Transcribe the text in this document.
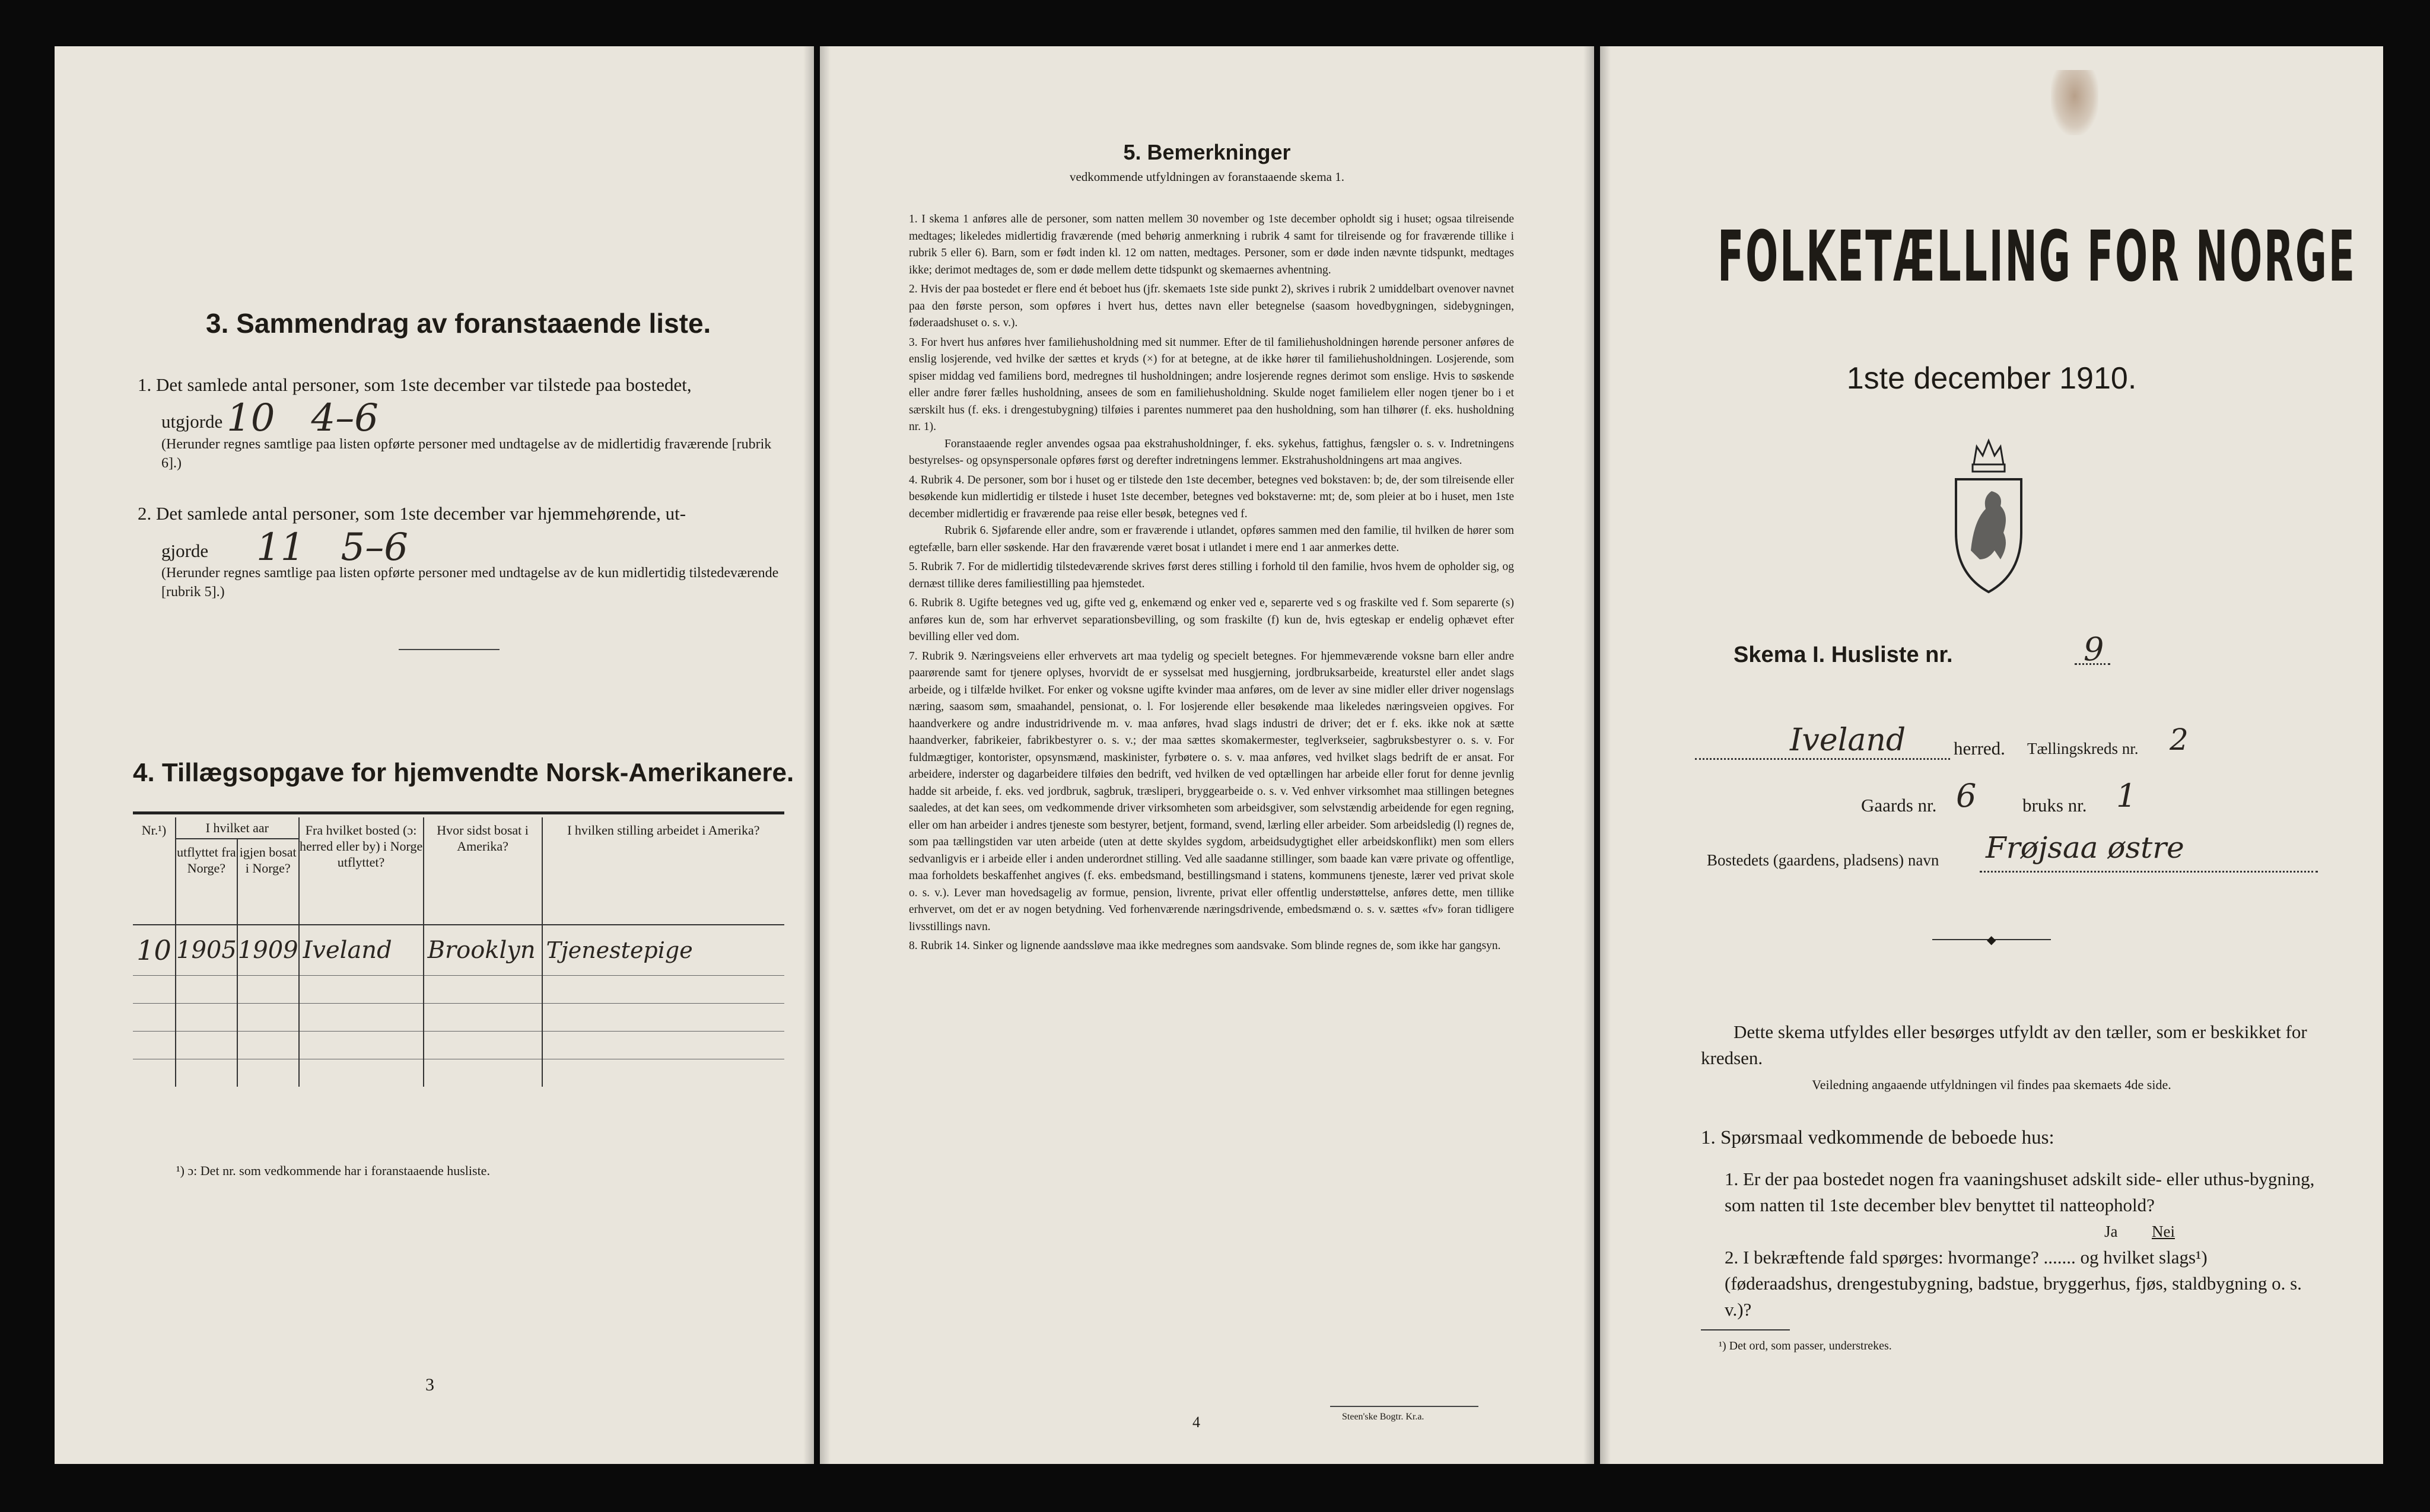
3. Sammendrag av foranstaaende liste.
1. Det samlede antal personer, som 1ste december var tilstede paa bostedet,
utgjorde 10   4–6
(Herunder regnes samtlige paa listen opførte personer med undtagelse av de midlertidig fraværende [rubrik 6].)
2. Det samlede antal personer, som 1ste december var hjemmehørende, ut-
gjorde 11   5–6
(Herunder regnes samtlige paa listen opførte personer med undtagelse av de kun midlertidig tilstedeværende [rubrik 5].)
4. Tillægsopgave for hjemvendte Norsk-Amerikanere.
Nr.¹)	I hvilket aar		Fra hvilket bosted (ɔ: herred eller by) i Norge utflyttet?	Hvor sidst bosat i Amerika?	I hvilken stilling arbeidet i Amerika?
	utflyttet fra Norge?	igjen bosat i Norge?			
10	1905	1909	Iveland	Brooklyn	Tjenestepige

¹) ɔ: Det nr. som vedkommende har i foranstaaende husliste.
3
5. Bemerkninger
vedkommende utfyldningen av foranstaaende skema 1.

1. I skema 1 anføres alle de personer, som natten mellem 30 november og 1ste december opholdt sig i huset; ogsaa tilreisende medtages; likeledes midlertidig fraværende (med behørig anmerkning i rubrik 4 samt for tilreisende og for fraværende tillike i rubrik 5 eller 6). Barn, som er født inden kl. 12 om natten, medtages. Personer, som er døde inden nævnte tidspunkt, medtages ikke; derimot medtages de, som er døde mellem dette tidspunkt og skemaernes avhentning.

2. Hvis der paa bostedet er flere end ét beboet hus (jfr. skemaets 1ste side punkt 2), skrives i rubrik 2 umiddelbart ovenover navnet paa den første person, som opføres i hvert hus, dettes navn eller betegnelse (saasom hovedbygningen, sidebygningen, føderaadshuset o. s. v.).

3. For hvert hus anføres hver familiehusholdning med sit nummer. Efter de til familiehusholdningen hørende personer anføres de enslig losjerende, ved hvilke der sættes et kryds (×) for at betegne, at de ikke hører til familiehusholdningen. Losjerende, som spiser middag ved familiens bord, medregnes til husholdningen; andre losjerende regnes derimot som enslige. Hvis to søskende eller andre fører fælles husholdning, ansees de som en familiehusholdning. Skulde noget familielem eller nogen tjener bo i et særskilt hus (f. eks. i drengestubygning) tilføies i parentes nummeret paa den husholdning, som han tilhører (f. eks. husholdning nr. 1).

Foranstaaende regler anvendes ogsaa paa ekstrahusholdninger, f. eks. sykehus, fattighus, fængsler o. s. v. Indretningens bestyrelses- og opsynspersonale opføres først og derefter indretningens lemmer. Ekstrahusholdningens art maa angives.

4. Rubrik 4. De personer, som bor i huset og er tilstede den 1ste december, betegnes ved bokstaven: b; de, der som tilreisende eller besøkende kun midlertidig er tilstede i huset 1ste december, betegnes ved bokstaverne: mt; de, som pleier at bo i huset, men 1ste december midlertidig er fraværende paa reise eller besøk, betegnes ved f.

Rubrik 6. Sjøfarende eller andre, som er fraværende i utlandet, opføres sammen med den familie, til hvilken de hører som egtefælle, barn eller søskende. Har den fraværende været bosat i utlandet i mere end 1 aar anmerkes dette.

5. Rubrik 7. For de midlertidig tilstedeværende skrives først deres stilling i forhold til den familie, hvos hvem de opholder sig, og dernæst tillike deres familiestilling paa hjemstedet.

6. Rubrik 8. Ugifte betegnes ved ug, gifte ved g, enkemænd og enker ved e, separerte ved s og fraskilte ved f. Som separerte (s) anføres kun de, som har erhvervet separationsbevilling, og som fraskilte (f) kun de, hvis egteskap er endelig ophævet efter bevilling eller ved dom.

7. Rubrik 9. Næringsveiens eller erhvervets art maa tydelig og specielt betegnes. For hjemmeværende voksne barn eller andre paarørende samt for tjenere oplyses, hvorvidt de er sysselsat med husgjerning, jordbruksarbeide, kreaturstel eller andet slags arbeide, og i tilfælde hvilket. For enker og voksne ugifte kvinder maa anføres, om de lever av sine midler eller driver nogenslags næring, saasom søm, smaahandel, pensionat, o. l. For losjerende eller besøkende maa likeledes næringsveien opgives. For haandverkere og andre industridrivende m. v. maa anføres, hvad slags industri de driver; det er f. eks. ikke nok at sætte haandverker, fabrikeier, fabrikbestyrer o. s. v.; der maa sættes skomakermester, teglverkseier, sagbruksbestyrer o. s. v. For fuldmægtiger, kontorister, opsynsmænd, maskinister, fyrbøtere o. s. v. maa anføres, ved hvilket slags bedrift de er ansat. For arbeidere, inderster og dagarbeidere tilføies den bedrift, ved hvilken de ved optællingen har arbeide eller forut for denne jevnlig hadde sit arbeide, f. eks. ved jordbruk, sagbruk, træsliperi, bryggearbeide o. s. v. Ved enhver virksomhet maa stillingen betegnes saaledes, at det kan sees, om vedkommende driver virksomheten som arbeidsgiver, som selvstændig arbeidende for egen regning, eller om han arbeider i andres tjeneste som bestyrer, betjent, formand, svend, lærling eller arbeider. Som arbeidsledig (l) regnes de, som paa tællingstiden var uten arbeide (uten at dette skyldes sygdom, arbeidsudygtighet eller arbeidskonflikt) men som ellers sedvanligvis er i arbeide eller i anden underordnet stilling. Ved alle saadanne stillinger, som baade kan være private og offentlige, maa forholdets beskaffenhet angives (f. eks. embedsmand, bestillingsmand i statens, kommunens tjeneste, lærer ved privat skole o. s. v.). Lever man hovedsagelig av formue, pension, livrente, privat eller offentlig understøttelse, anføres dette, men tillike erhvervet, om det er av nogen betydning. Ved forhenværende næringsdrivende, embedsmænd o. s. v. sættes «fv» foran tidligere livsstillings navn.

8. Rubrik 14. Sinker og lignende aandssløve maa ikke medregnes som aandsvake. Som blinde regnes de, som ikke har gangsyn.

4	Steen'ske Bogtr. Kr.a.
FOLKETÆLLING FOR NORGE
1ste december 1910.
Skema I. Husliste nr.	9
Iveland	herred. Tællingskreds nr. 2
Gaards nr. 6	bruks nr. 1
Bostedets (gaardens, pladsens) navn Frøjsaa østre
◆
Dette skema utfyldes eller besørges utfyldt av den tæller, som er beskikket for kredsen.
Veiledning angaaende utfyldningen vil findes paa skemaets 4de side.
1. Spørsmaal vedkommende de beboede hus:
1. Er der paa bostedet nogen fra vaaningshuset adskilt side- eller uthus-bygning, som natten til 1ste december blev benyttet til natteophold?
Ja Nei
2. I bekræftende fald spørges: hvormange? ....... og hvilket slags¹) (føderaadshus, drengestubygning, badstue, bryggerhus, fjøs, staldbygning o. s. v.)?
¹) Det ord, som passer, understrekes.
